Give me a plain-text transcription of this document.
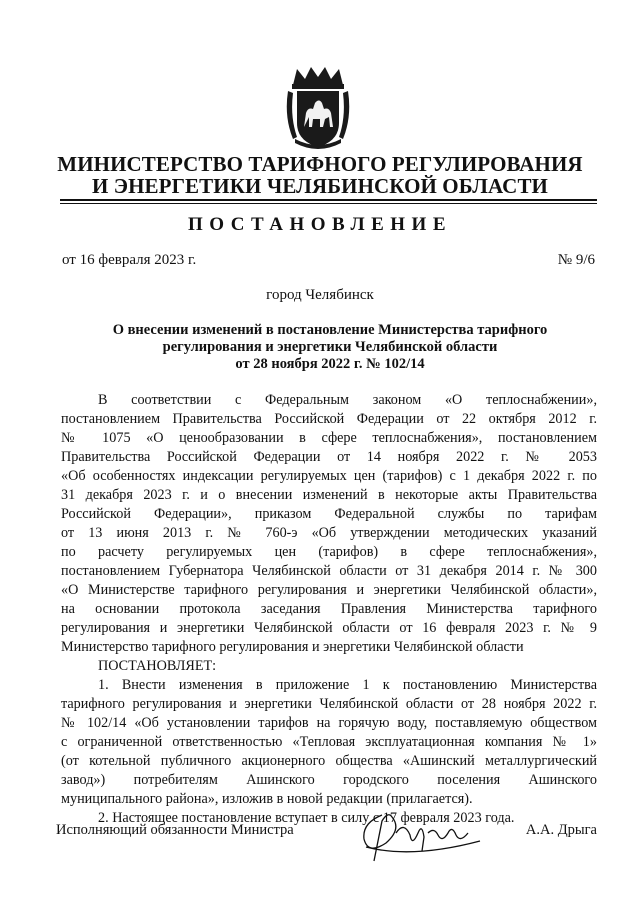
МИНИСТЕРСТВО ТАРИФНОГО РЕГУЛИРОВАНИЯ
И ЭНЕРГЕТИКИ ЧЕЛЯБИНСКОЙ ОБЛАСТИ
ПОСТАНОВЛЕНИЕ
от 16 февраля 2023 г.	№ 9/6
город Челябинск
О внесении изменений в постановление Министерства тарифного
регулирования и энергетики Челябинской области
от 28 ноября 2022 г. № 102/14
В соответствии с Федеральным законом «О теплоснабжении»,
постановлением Правительства Российской Федерации от 22 октября 2012 г.
№ 1075 «О ценообразовании в сфере теплоснабжения», постановлением
Правительства Российской Федерации от 14 ноября 2022 г. № 2053
«Об особенностях индексации регулируемых цен (тарифов) с 1 декабря 2022 г. по
31 декабря 2023 г. и о внесении изменений в некоторые акты Правительства
Российской Федерации», приказом Федеральной службы по тарифам
от 13 июня 2013 г. № 760-э «Об утверждении методических указаний
по расчету регулируемых цен (тарифов) в сфере теплоснабжения»,
постановлением Губернатора Челябинской области от 31 декабря 2014 г. № 300
«О Министерстве тарифного регулирования и энергетики Челябинской области»,
на основании протокола заседания Правления Министерства тарифного
регулирования и энергетики Челябинской области от 16 февраля 2023 г. № 9
Министерство тарифного регулирования и энергетики Челябинской области
ПОСТАНОВЛЯЕТ:
1. Внести изменения в приложение 1 к постановлению Министерства
тарифного регулирования и энергетики Челябинской области от 28 ноября 2022 г.
№ 102/14 «Об установлении тарифов на горячую воду, поставляемую обществом
с ограниченной ответственностью «Тепловая эксплуатационная компания № 1»
(от котельной публичного акционерного общества «Ашинский металлургический
завод») потребителям Ашинского городского поселения Ашинского
муниципального района», изложив в новой редакции (прилагается).
2. Настоящее постановление вступает в силу с 17 февраля 2023 года.
Исполняющий обязанности Министра	А.А. Дрыга
